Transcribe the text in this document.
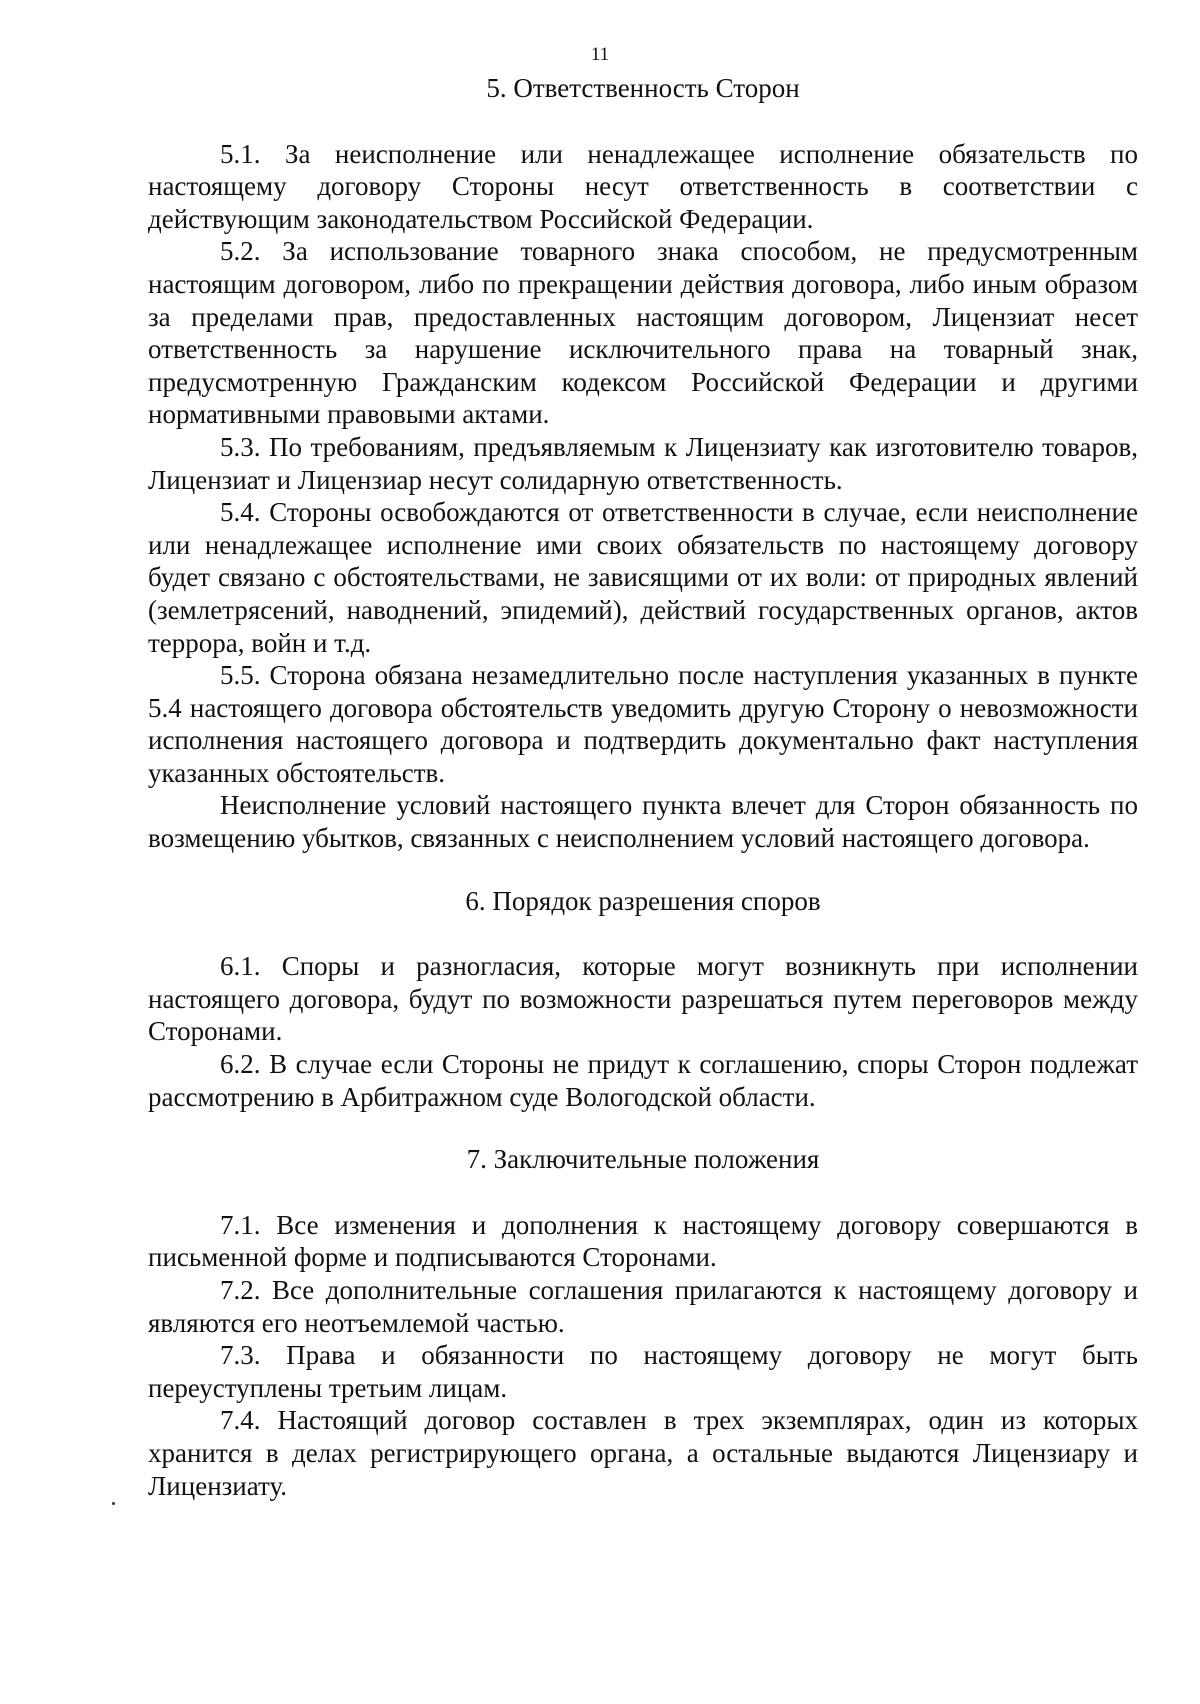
11
5. Ответственность Сторон

5.1. За неисполнение или ненадлежащее исполнение обязательств по настоящему договору Стороны несут ответственность в соответствии с действующим законодательством Российской Федерации.

5.2. За использование товарного знака способом, не предусмотренным настоящим договором, либо по прекращении действия договора, либо иным образом за пределами прав, предоставленных настоящим договором, Лицензиат несет ответственность за нарушение исключительного права на товарный знак, предусмотренную Гражданским кодексом Российской Федерации и другими нормативными правовыми актами.

5.3. По требованиям, предъявляемым к Лицензиату как изготовителю товаров, Лицензиат и Лицензиар несут солидарную ответственность.

5.4. Стороны освобождаются от ответственности в случае, если неисполнение или ненадлежащее исполнение ими своих обязательств по настоящему договору будет связано с обстоятельствами, не зависящими от их воли: от природных явлений (землетрясений, наводнений, эпидемий), действий государственных органов, актов террора, войн и т.д.

5.5. Сторона обязана незамедлительно после наступления указанных в пункте 5.4 настоящего договора обстоятельств уведомить другую Сторону о невозможности исполнения настоящего договора и подтвердить документально факт наступления указанных обстоятельств.

Неисполнение условий настоящего пункта влечет для Сторон обязанность по возмещению убытков, связанных с неисполнением условий настоящего договора.

6. Порядок разрешения споров

6.1. Споры и разногласия, которые могут возникнуть при исполнении настоящего договора, будут по возможности разрешаться путем переговоров между Сторонами.

6.2. В случае если Стороны не придут к соглашению, споры Сторон подлежат рассмотрению в Арбитражном суде Вологодской области.

7. Заключительные положения

7.1. Все изменения и дополнения к настоящему договору совершаются в письменной форме и подписываются Сторонами.

7.2. Все дополнительные соглашения прилагаются к настоящему договору и являются его неотъемлемой частью.

7.3. Права и обязанности по настоящему договору не могут быть переуступлены третьим лицам.

7.4. Настоящий договор составлен в трех экземплярах, один из которых хранится в делах регистрирующего органа, а остальные выдаются Лицензиару и Лицензиату.
